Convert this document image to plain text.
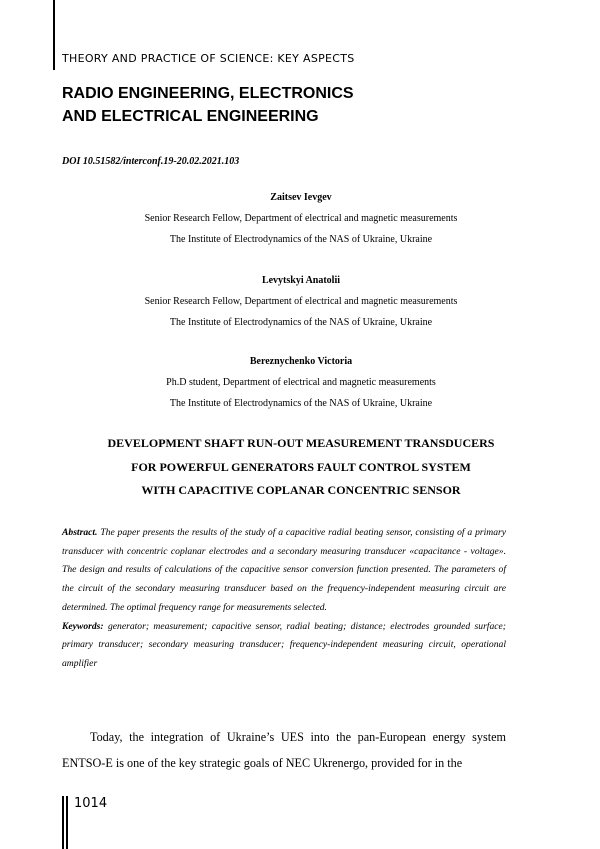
THEORY AND PRACTICE OF SCIENCE: KEY ASPECTS
RADIO ENGINEERING, ELECTRONICS
AND ELECTRICAL ENGINEERING
DOI 10.51582/interconf.19-20.02.2021.103
Zaitsev Ievgev
Senior Research Fellow, Department of electrical and magnetic measurements
The Institute of Electrodynamics of the NAS of Ukraine, Ukraine
Levytskyi Anatolii
Senior Research Fellow, Department of electrical and magnetic measurements
The Institute of Electrodynamics of the NAS of Ukraine, Ukraine
Bereznychenko Victoria
Ph.D student, Department of electrical and magnetic measurements
The Institute of Electrodynamics of the NAS of Ukraine, Ukraine
DEVELOPMENT SHAFT RUN-OUT MEASUREMENT TRANSDUCERS
FOR POWERFUL GENERATORS FAULT CONTROL SYSTEM
WITH CAPACITIVE COPLANAR CONCENTRIC SENSOR

Abstract. The paper presents the results of the study of a capacitive radial beating sensor, consisting of a primary transducer with concentric coplanar electrodes and a secondary measuring transducer «capacitance - voltage». The design and results of calculations of the capacitive sensor conversion function presented. The parameters of the circuit of the secondary measuring transducer based on the frequency-independent measuring circuit are determined. The optimal frequency range for measurements selected.

Keywords: generator; measurement; capacitive sensor, radial beating; distance; electrodes grounded surface; primary transducer; secondary measuring transducer; frequency-independent measuring circuit, operational amplifier

Today, the integration of Ukraine’s UES into the pan-European energy system ENTSO-E is one of the key strategic goals of NEC Ukrenergo, provided for in the

1014
